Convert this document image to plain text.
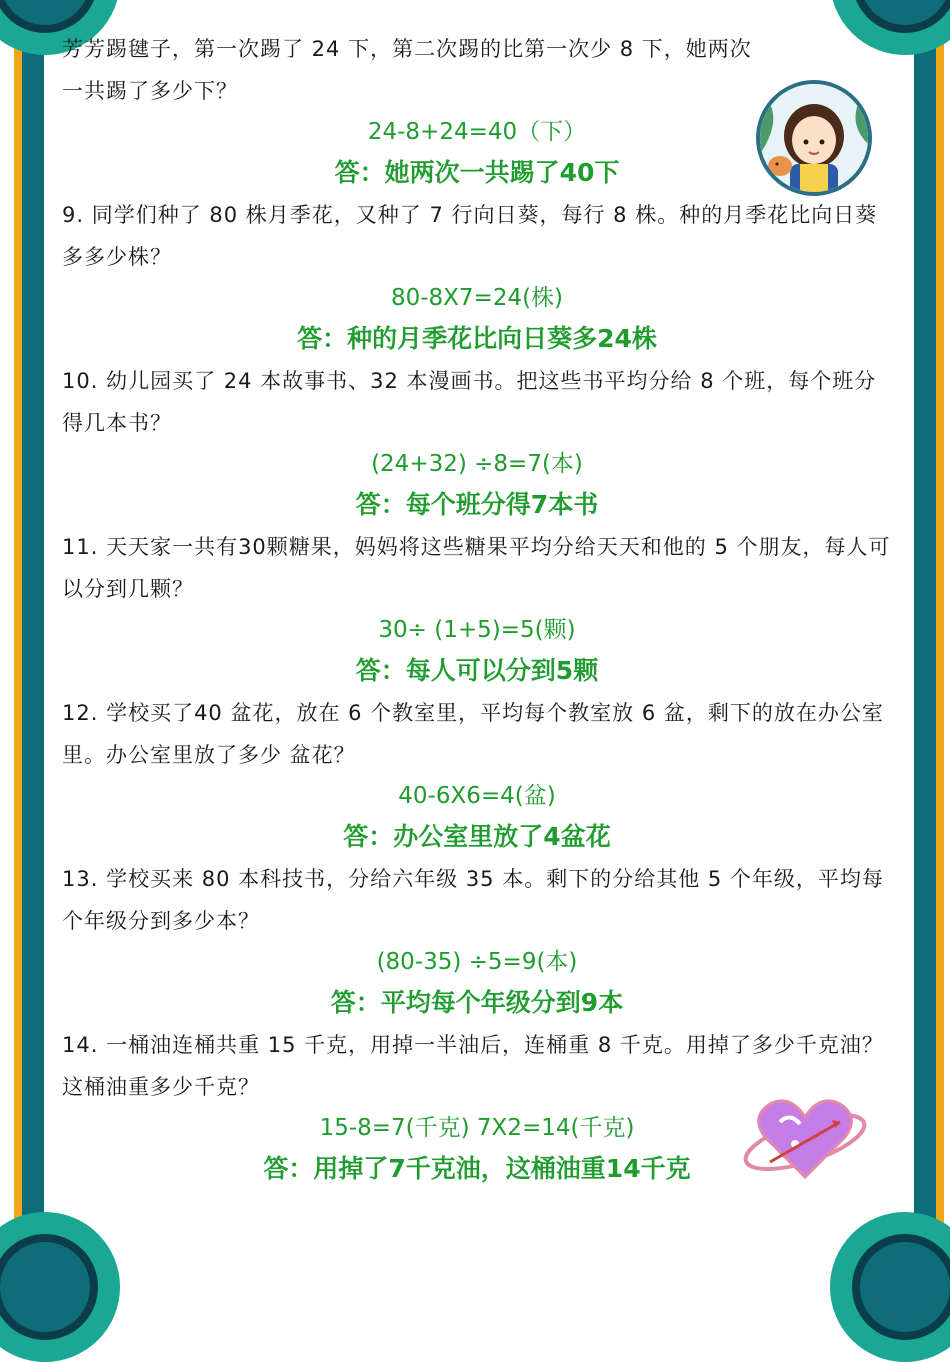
芳芳踢毽子，第一次踢了 24 下，第二次踢的比第一次少 8 下，她两次一共踢了多少下？
24-8+24=40（下）
答：她两次一共踢了40下
9. 同学们种了 80 株月季花，又种了 7 行向日葵，每行 8 株。种的月季花比向日葵多多少株？
80-8X7=24(株)
答：种的月季花比向日葵多24株
10. 幼儿园买了 24 本故事书、32 本漫画书。把这些书平均分给 8 个班，每个班分得几本书？
(24+32) ÷8=7(本)
答：每个班分得7本书
11. 天天家一共有30颗糖果，妈妈将这些糖果平均分给天天和他的 5 个朋友，每人可以分到几颗？
30÷ (1+5)=5(颗)
答：每人可以分到5颗
12. 学校买了40 盆花，放在 6 个教室里，平均每个教室放 6 盆，剩下的放在办公室里。办公室里放了多少 盆花？
40-6X6=4(盆)
答：办公室里放了4盆花
13. 学校买来 80 本科技书，分给六年级 35 本。剩下的分给其他 5 个年级，平均每个年级分到多少本？
(80-35) ÷5=9(本)
答：平均每个年级分到9本
14. 一桶油连桶共重 15 千克，用掉一半油后，连桶重 8 千克。用掉了多少千克油？这桶油重多少千克？
15-8=7(千克) 7X2=14(千克)
答：用掉了7千克油，这桶油重14千克
